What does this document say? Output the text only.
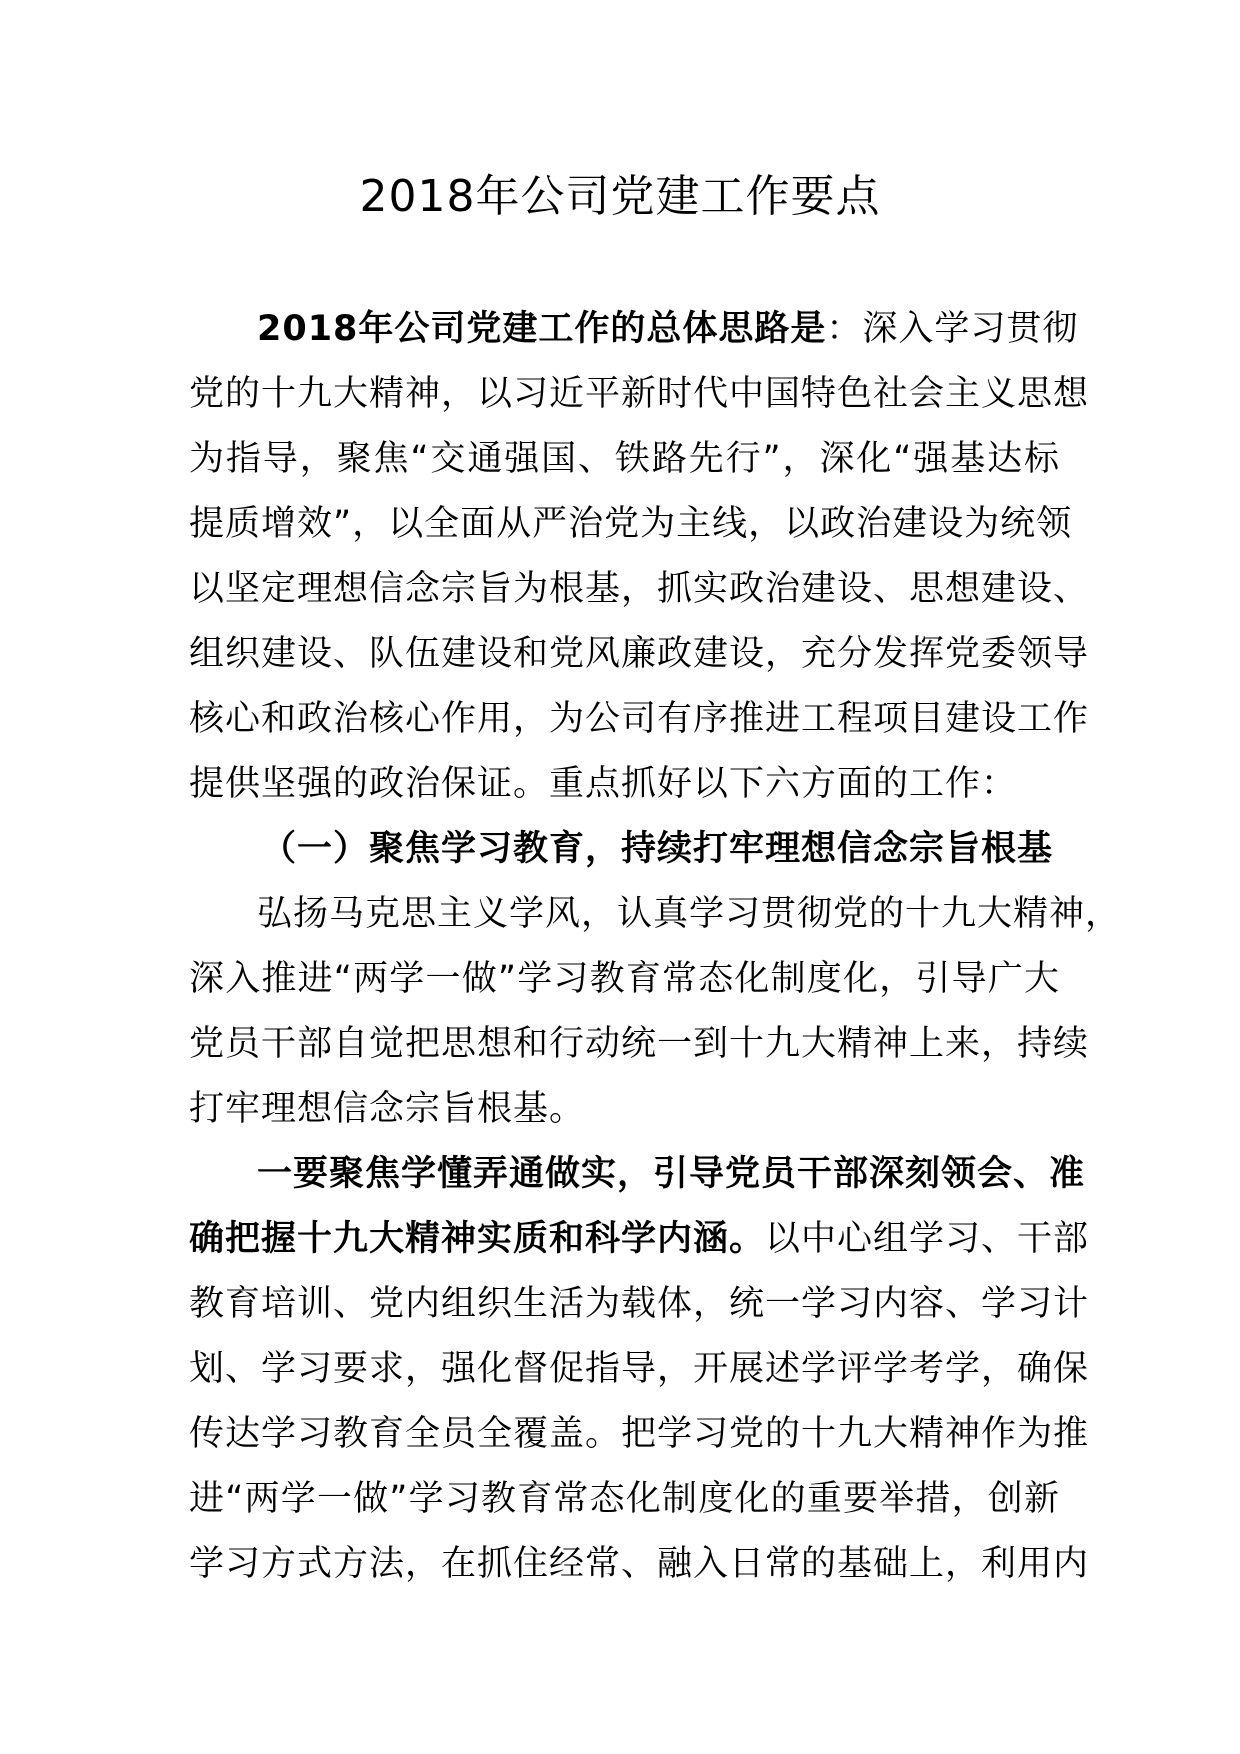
2018年公司党建工作要点
2018年公司党建工作的总体思路是：深入学习贯彻
党的十九大精神，以习近平新时代中国特色社会主义思想
为指导，聚焦“交通强国、铁路先行”，深化“强基达标
提质增效”，以全面从严治党为主线，以政治建设为统领
以坚定理想信念宗旨为根基，抓实政治建设、思想建设、
组织建设、队伍建设和党风廉政建设，充分发挥党委领导
核心和政治核心作用，为公司有序推进工程项目建设工作
提供坚强的政治保证。重点抓好以下六方面的工作：
（一）聚焦学习教育，持续打牢理想信念宗旨根基
弘扬马克思主义学风，认真学习贯彻党的十九大精神，
深入推进“两学一做”学习教育常态化制度化，引导广大
党员干部自觉把思想和行动统一到十九大精神上来，持续
打牢理想信念宗旨根基。
一要聚焦学懂弄通做实，引导党员干部深刻领会、准
确把握十九大精神实质和科学内涵。以中心组学习、干部
教育培训、党内组织生活为载体，统一学习内容、学习计
划、学习要求，强化督促指导，开展述学评学考学，确保
传达学习教育全员全覆盖。把学习党的十九大精神作为推
进“两学一做”学习教育常态化制度化的重要举措，创新
学习方式方法，在抓住经常、融入日常的基础上，利用内
